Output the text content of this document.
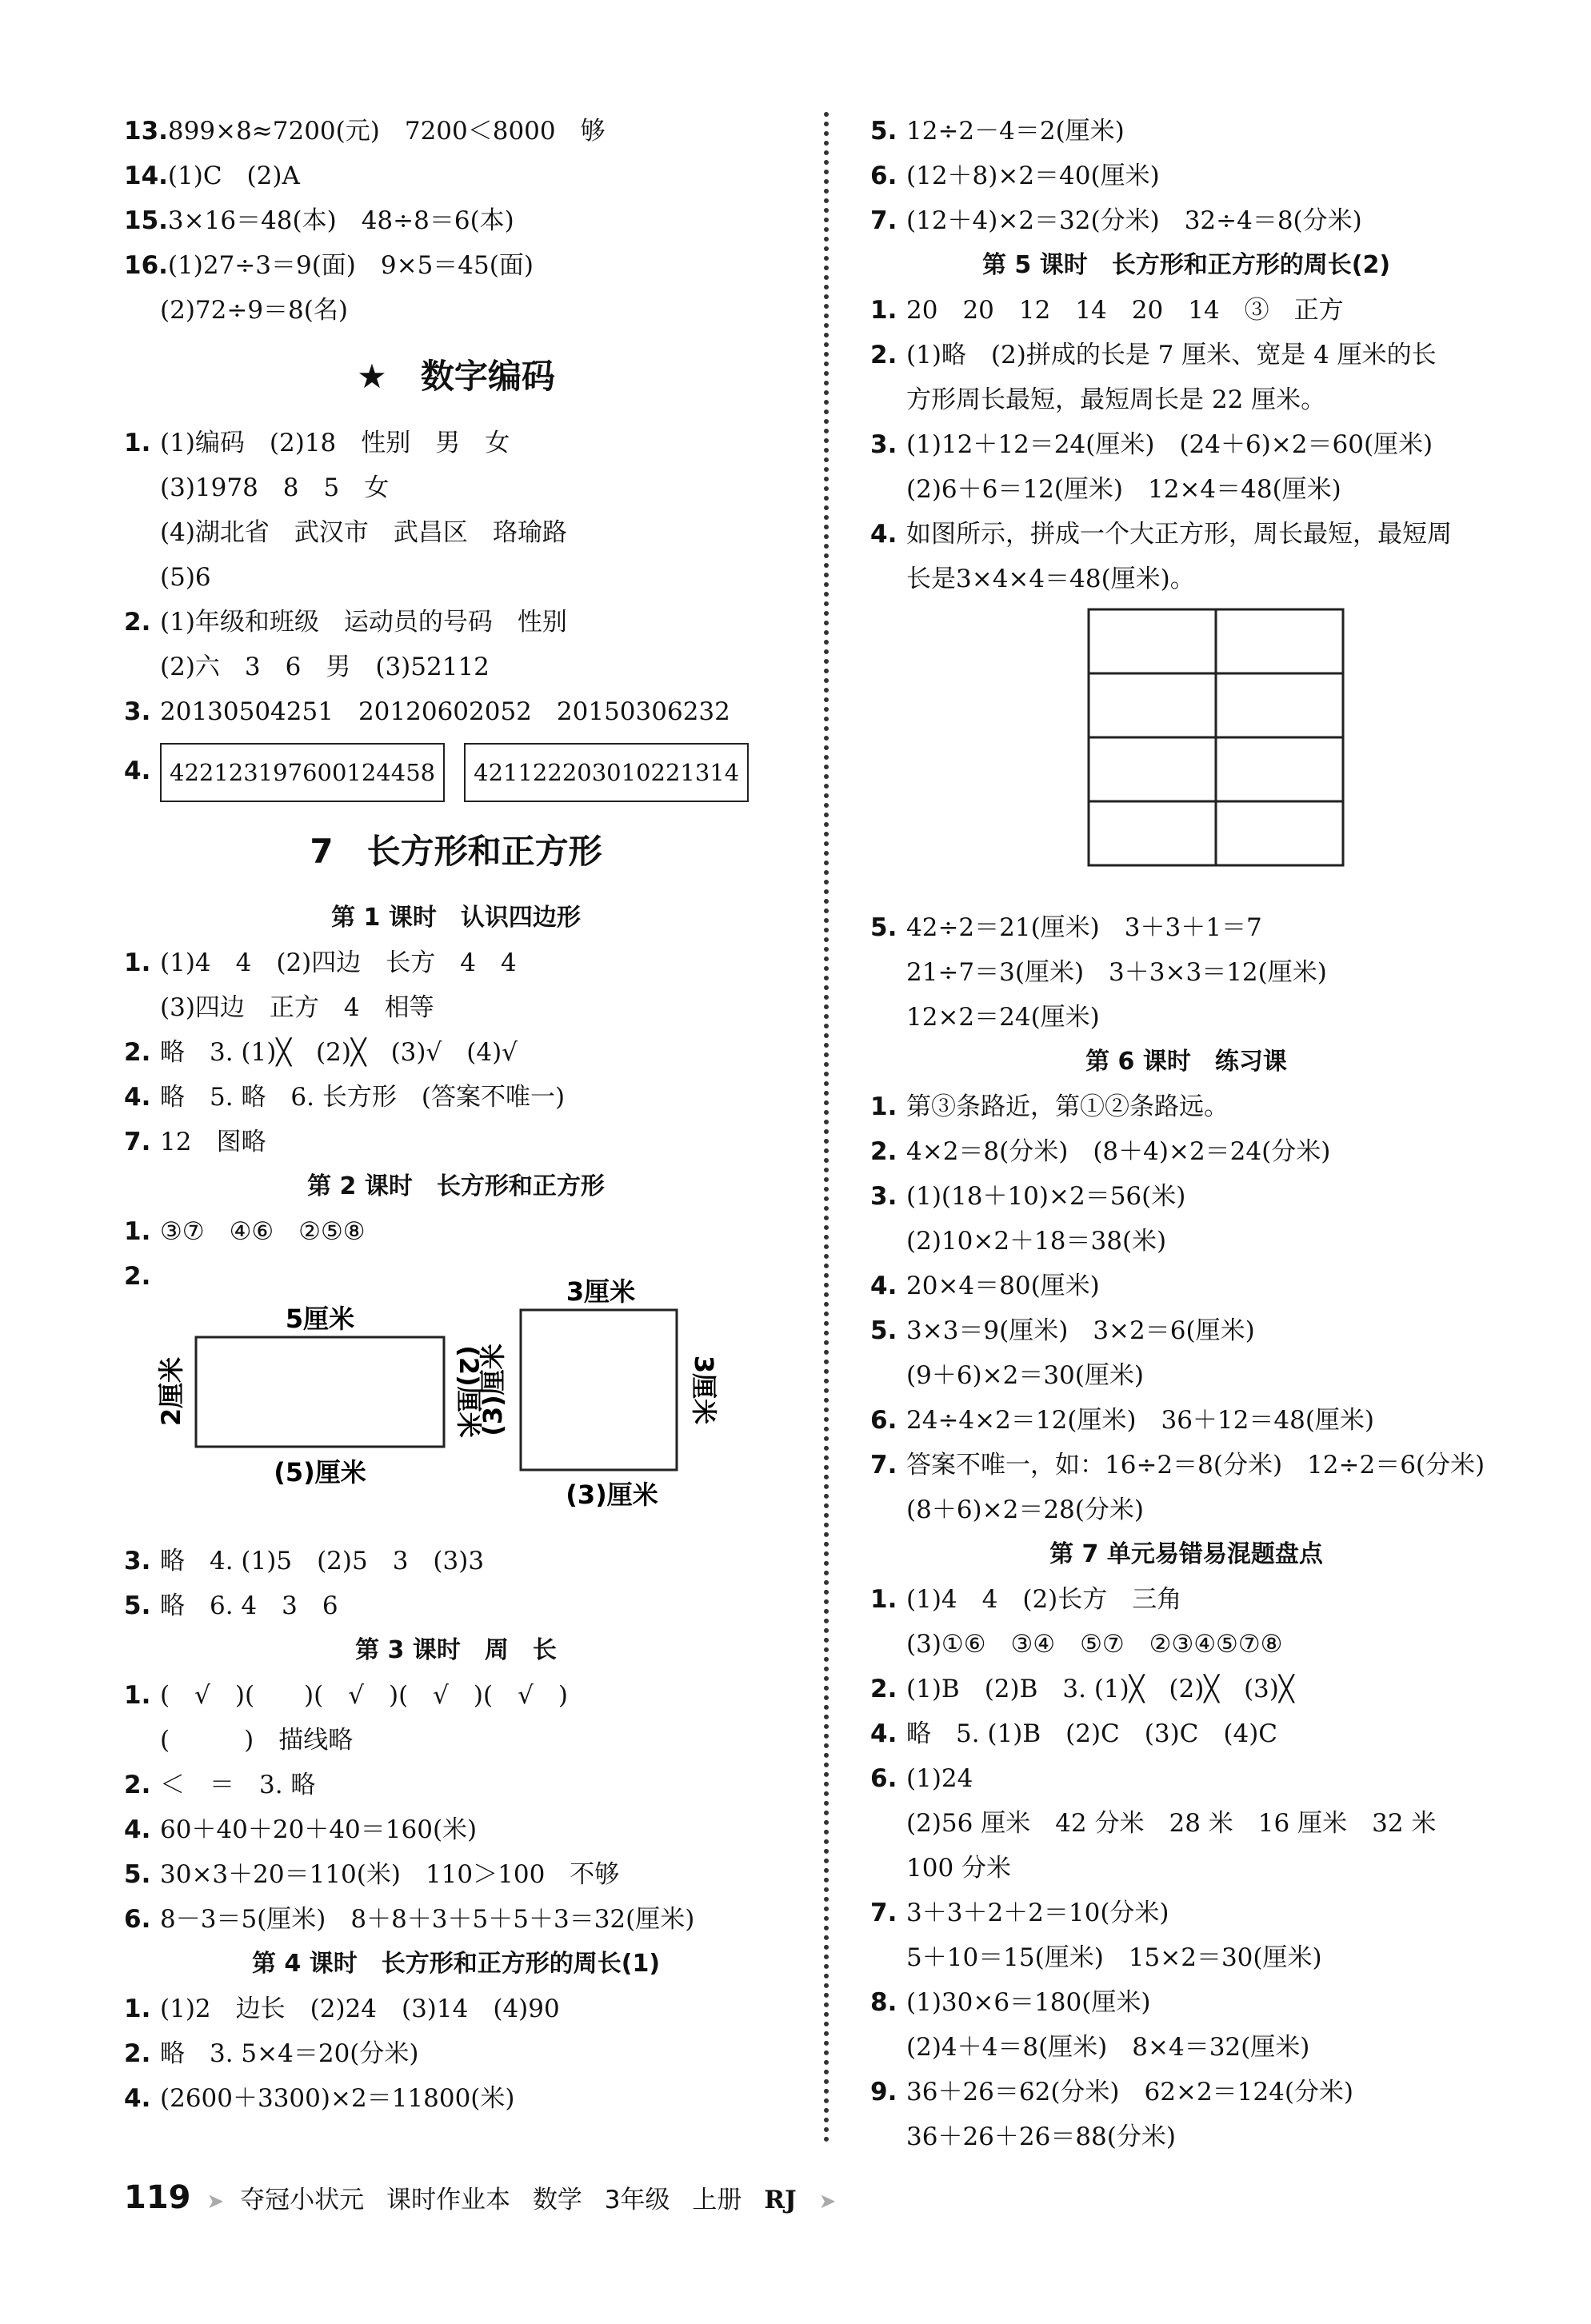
13.899×8≈7200(元)　7200＜8000　够
14.(1)C　(2)A
15.3×16＝48(本)　48÷8＝6(本)
16.(1)27÷3＝9(面)　9×5＝45(面)
(2)72÷9＝8(名)
★　数字编码
1. (1)编码　(2)18　性别　男　女
(3)1978　8　5　女
(4)湖北省　武汉市　武昌区　珞瑜路
(5)6
2. (1)年级和班级　运动员的号码　性别
(2)六　3　6　男　(3)52112
3. 20130504251　20120602052　20150306232
4. 422123197600124458 421122203010221314
7　长方形和正方形
第 1 课时　认识四边形
1. (1)4　4　(2)四边　长方　4　4
(3)四边　正方　4　相等
2. 略　3. (1)╳　(2)╳　(3)√　(4)√
4. 略　5. 略　6. 长方形　(答案不唯一)
7. 12　图略
第 2 课时　长方形和正方形
1. ③⑦　④⑥　②⑤⑧
2.
5厘米
(5)厘米
2厘米	(2)厘米
3厘米
(3)厘米
(3)厘米	3厘米
3. 略　4. (1)5　(2)5　3　(3)3
5. 略　6. 4　3　6
第 3 课时　周　长
1. (　√　)(　　)(　√　)(　√　)(　√　)
(　　　)　描线略
2. ＜　＝　3. 略
4. 60＋40＋20＋40＝160(米)
5. 30×3＋20＝110(米)　110＞100　不够
6. 8－3＝5(厘米)　8＋8＋3＋5＋5＋3＝32(厘米)
第 4 课时　长方形和正方形的周长(1)
1. (1)2　边长　(2)24　(3)14　(4)90
2. 略　3. 5×4＝20(分米)
4. (2600＋3300)×2＝11800(米)
5. 12÷2－4＝2(厘米)
6. (12＋8)×2＝40(厘米)
7. (12＋4)×2＝32(分米)　32÷4＝8(分米)
第 5 课时　长方形和正方形的周长(2)
1. 20　20　12　14　20　14　③　正方
2. (1)略　(2)拼成的长是 7 厘米、宽是 4 厘米的长
方形周长最短，最短周长是 22 厘米。
3. (1)12＋12＝24(厘米)　(24＋6)×2＝60(厘米)
(2)6＋6＝12(厘米)　12×4＝48(厘米)
4. 如图所示，拼成一个大正方形，周长最短，最短周
长是3×4×4＝48(厘米)。
5. 42÷2＝21(厘米)　3＋3＋1＝7
21÷7＝3(厘米)　3＋3×3＝12(厘米)
12×2＝24(厘米)
第 6 课时　练习课
1. 第③条路近，第①②条路远。
2. 4×2＝8(分米)　(8＋4)×2＝24(分米)
3. (1)(18＋10)×2＝56(米)
(2)10×2＋18＝38(米)
4. 20×4＝80(厘米)
5. 3×3＝9(厘米)　3×2＝6(厘米)
(9＋6)×2＝30(厘米)
6. 24÷4×2＝12(厘米)　36＋12＝48(厘米)
7. 答案不唯一，如：16÷2＝8(分米)　12÷2＝6(分米)
(8＋6)×2＝28(分米)
第 7 单元易错易混题盘点
1. (1)4　4　(2)长方　三角
(3)①⑥　③④　⑤⑦　②③④⑤⑦⑧
2. (1)B　(2)B　3. (1)╳　(2)╳　(3)╳
4. 略　5. (1)B　(2)C　(3)C　(4)C
6. (1)24
(2)56 厘米　42 分米　28 米　16 厘米　32 米
100 分米
7. 3＋3＋2＋2＝10(分米)
5＋10＝15(厘米)　15×2＝30(厘米)
8. (1)30×6＝180(厘米)
(2)4＋4＝8(厘米)　8×4＝32(厘米)
9. 36＋26＝62(分米)　62×2＝124(分米)
36＋26＋26＝88(分米)
119 ➤ 夺冠小状元 课时作业本 数学 3年级 上册 RJ ➤
